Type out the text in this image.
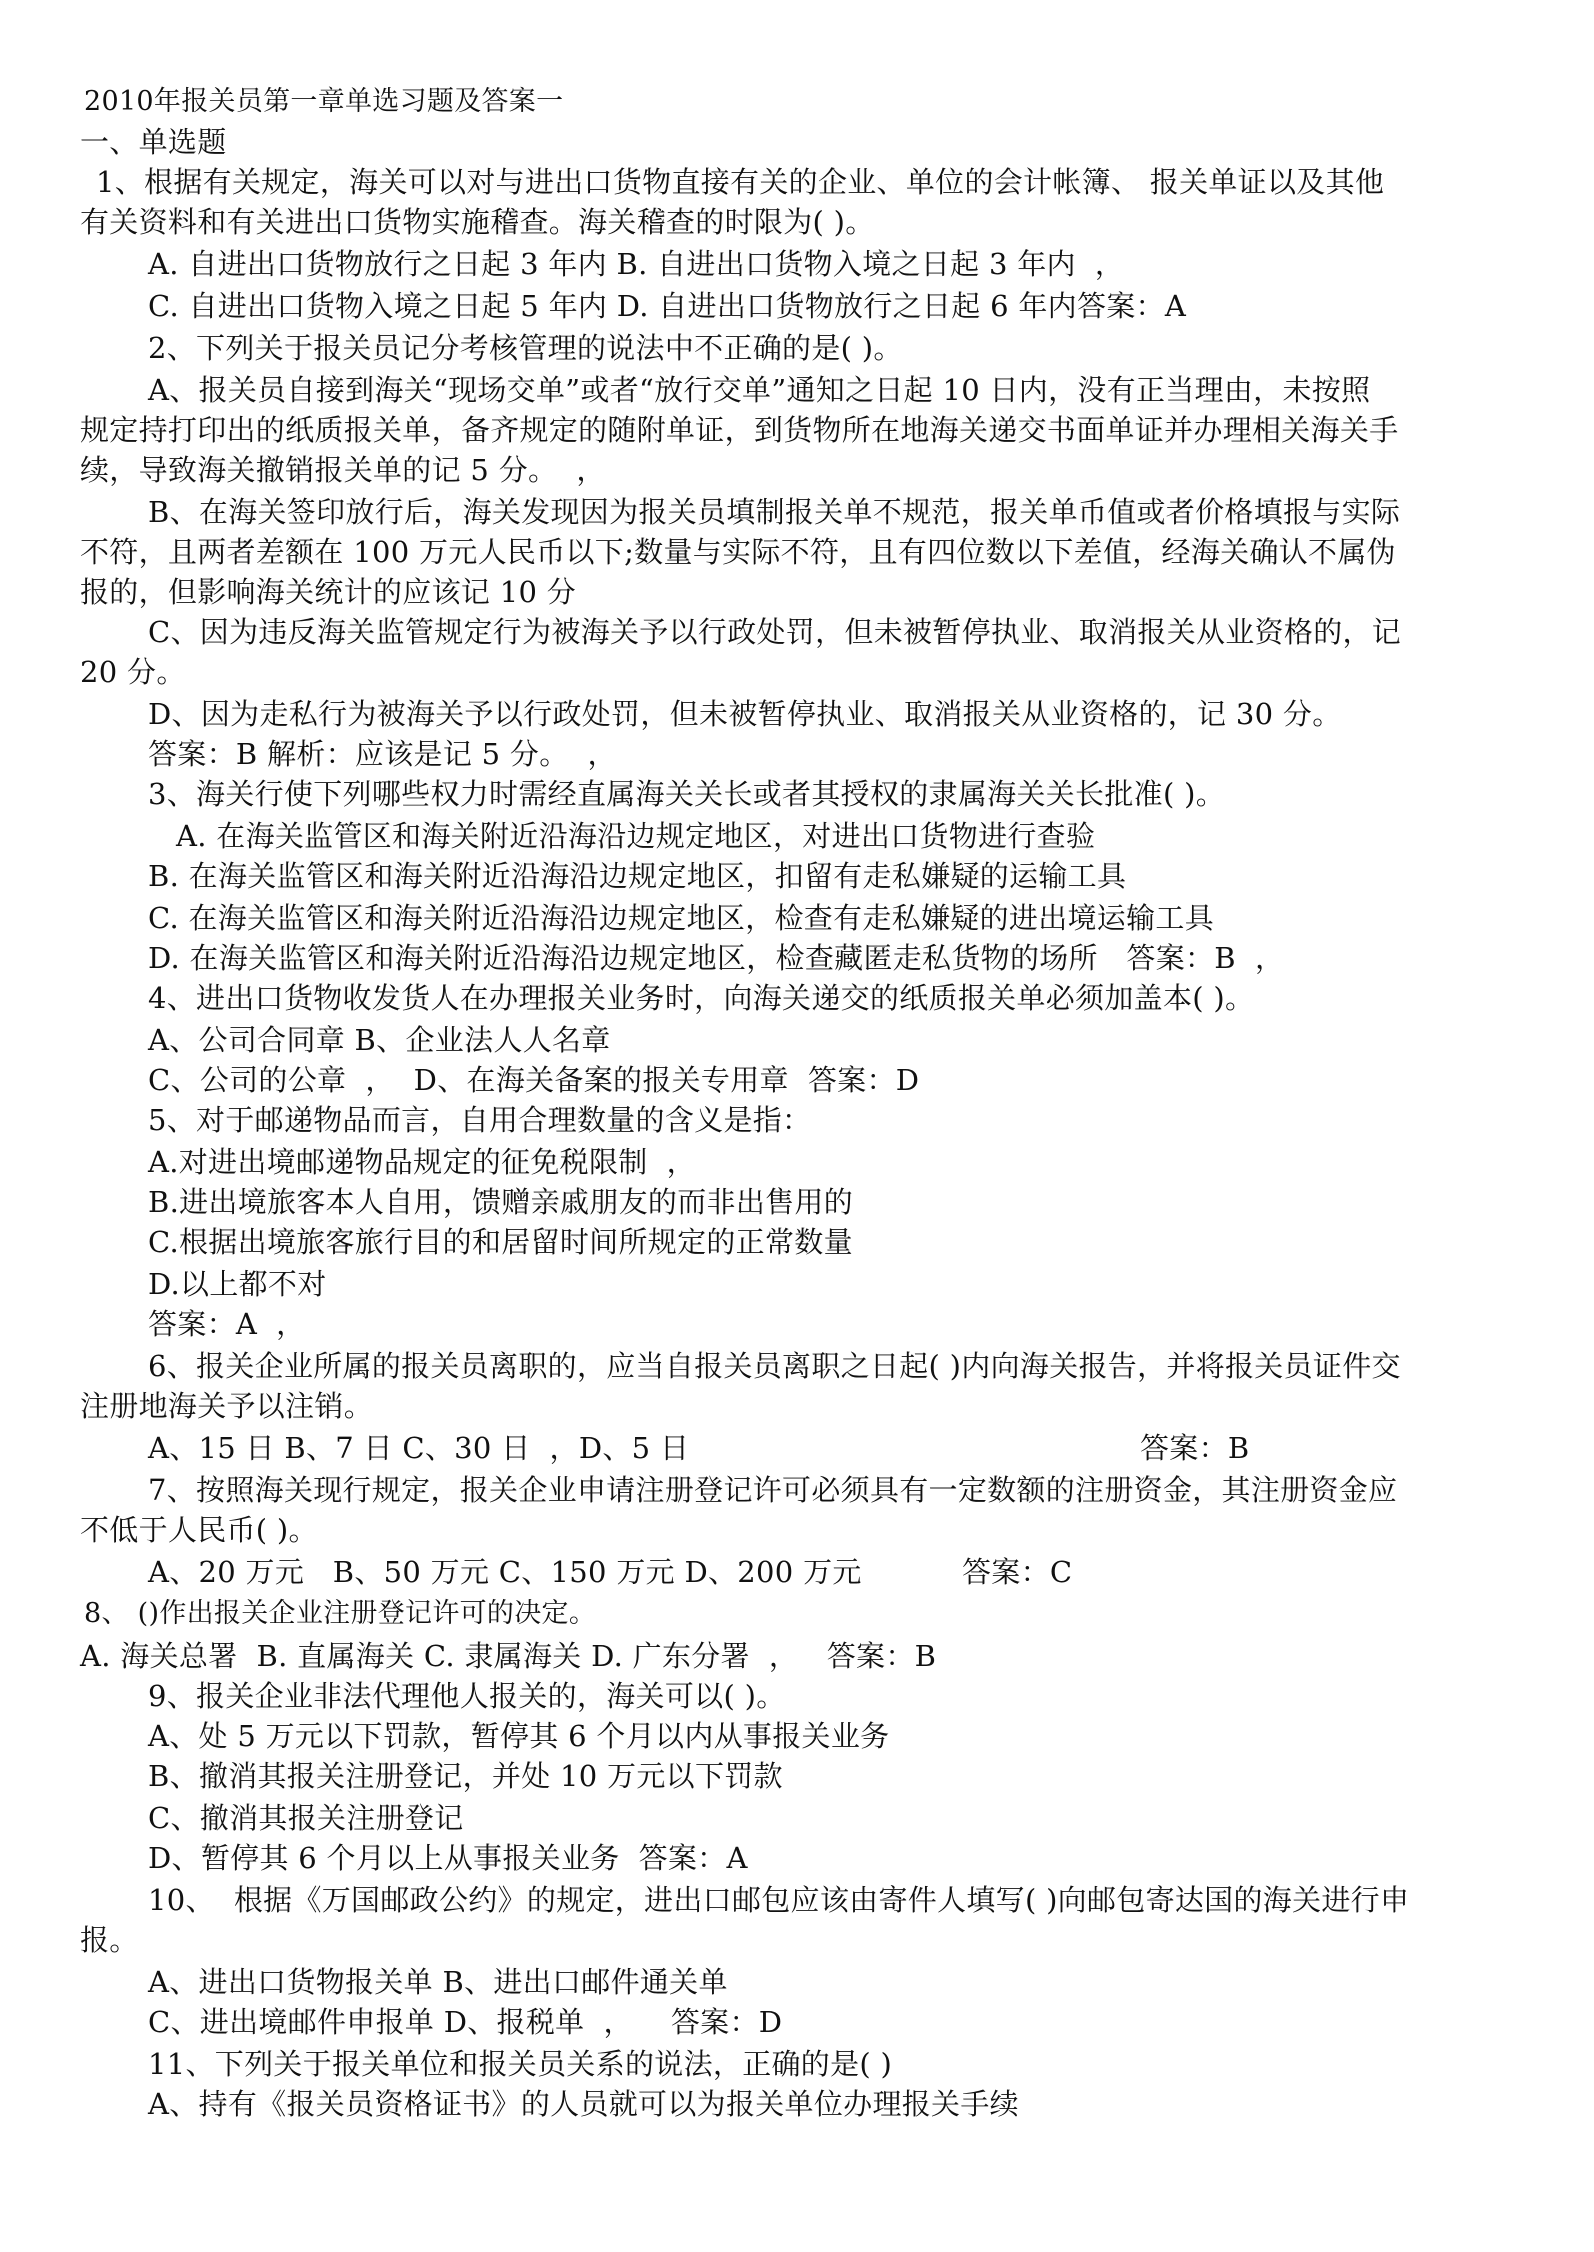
2010年报关员第一章单选习题及答案一
一、单选题
1、根据有关规定，海关可以对与进出口货物直接有关的企业、单位的会计帐簿、 报关单证以及其他
有关资料和有关进出口货物实施稽查。海关稽查的时限为( )。
A. 自进出口货物放行之日起 3 年内 B. 自进出口货物入境之日起 3 年内  ，
C. 自进出口货物入境之日起 5 年内 D. 自进出口货物放行之日起 6 年内答案：A
2、下列关于报关员记分考核管理的说法中不正确的是( )。
A、报关员自接到海关“现场交单”或者“放行交单”通知之日起 10 日内，没有正当理由，未按照
规定持打印出的纸质报关单，备齐规定的随附单证，到货物所在地海关递交书面单证并办理相关海关手
续，导致海关撤销报关单的记 5 分。  ，
B、在海关签印放行后，海关发现因为报关员填制报关单不规范，报关单币值或者价格填报与实际
不符，且两者差额在 100 万元人民币以下;数量与实际不符，且有四位数以下差值，经海关确认不属伪
报的，但影响海关统计的应该记 10 分
C、因为违反海关监管规定行为被海关予以行政处罚，但未被暂停执业、取消报关从业资格的，记
20 分。
D、因为走私行为被海关予以行政处罚，但未被暂停执业、取消报关从业资格的，记 30 分。
答案：B 解析：应该是记 5 分。  ，
3、海关行使下列哪些权力时需经直属海关关长或者其授权的隶属海关关长批准( )。
A. 在海关监管区和海关附近沿海沿边规定地区，对进出口货物进行查验
B. 在海关监管区和海关附近沿海沿边规定地区，扣留有走私嫌疑的运输工具
C. 在海关监管区和海关附近沿海沿边规定地区，检查有走私嫌疑的进出境运输工具
D. 在海关监管区和海关附近沿海沿边规定地区，检查藏匿走私货物的场所   答案：B  ，
4、进出口货物收发货人在办理报关业务时，向海关递交的纸质报关单必须加盖本( )。
A、公司合同章 B、企业法人人名章
C、公司的公章  ，  D、在海关备案的报关专用章  答案：D
5、对于邮递物品而言，自用合理数量的含义是指：
A.对进出境邮递物品规定的征免税限制  ，
B.进出境旅客本人自用，馈赠亲戚朋友的而非出售用的
C.根据出境旅客旅行目的和居留时间所规定的正常数量
D.以上都不对
答案：A  ，
6、报关企业所属的报关员离职的，应当自报关员离职之日起( )内向海关报告，并将报关员证件交
注册地海关予以注销。
A、15 日 B、7 日 C、30 日  ，D、5 日	答案：B
7、按照海关现行规定，报关企业申请注册登记许可必须具有一定数额的注册资金，其注册资金应
不低于人民币( )。
A、20 万元   B、50 万元 C、150 万元 D、200 万元	答案：C
8、 ()作出报关企业注册登记许可的决定。
A. 海关总署  B. 直属海关 C. 隶属海关 D. 广东分署  ，   答案：B
9、报关企业非法代理他人报关的，海关可以( )。
A、处 5 万元以下罚款，暂停其 6 个月以内从事报关业务
B、撤消其报关注册登记，并处 10 万元以下罚款
C、撤消其报关注册登记
D、暂停其 6 个月以上从事报关业务  答案：A
10、  根据《万国邮政公约》的规定，进出口邮包应该由寄件人填写( )向邮包寄达国的海关进行申
报。
A、进出口货物报关单 B、进出口邮件通关单
C、进出境邮件申报单 D、报税单  ，    答案：D
11、下列关于报关单位和报关员关系的说法，正确的是( )
A、持有《报关员资格证书》的人员就可以为报关单位办理报关手续
